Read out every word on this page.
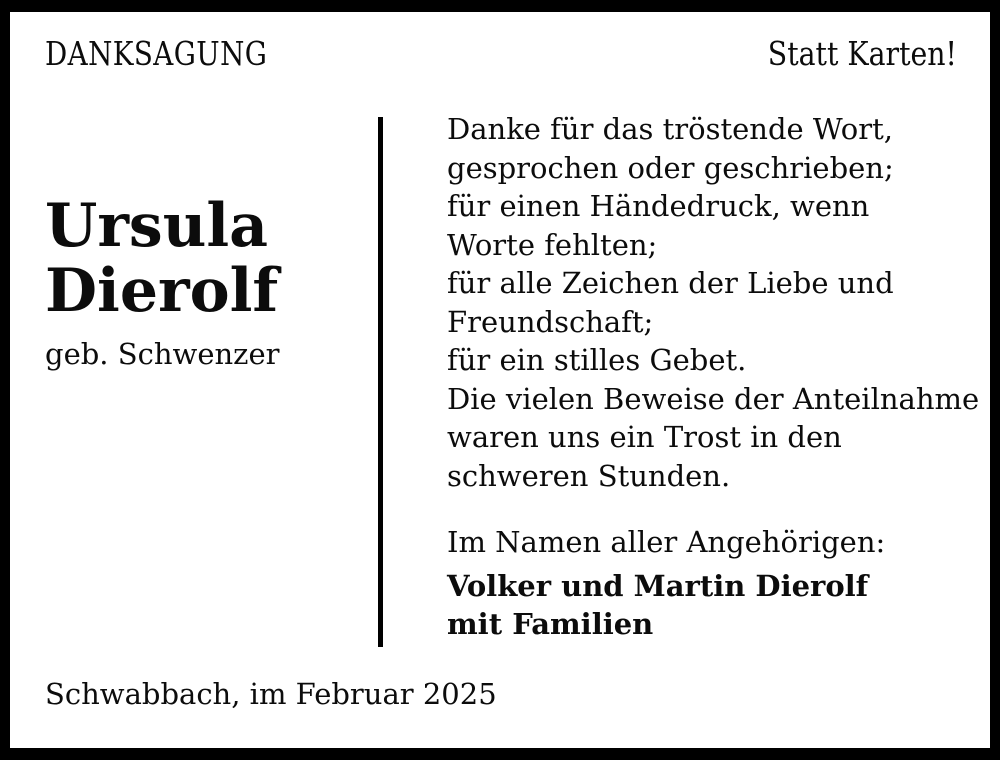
DANKSAGUNG	Statt Karten!
Ursula
Dierolf
geb. Schwenzer
Danke für das tröstende Wort,
gesprochen oder geschrieben;
für einen Händedruck, wenn
Worte fehlten;
für alle Zeichen der Liebe und
Freundschaft;
für ein stilles Gebet.
Die vielen Beweise der Anteilnahme
waren uns ein Trost in den
schweren Stunden.
Im Namen aller Angehörigen:
Volker und Martin Dierolf
mit Familien
Schwabbach, im Februar 2025
